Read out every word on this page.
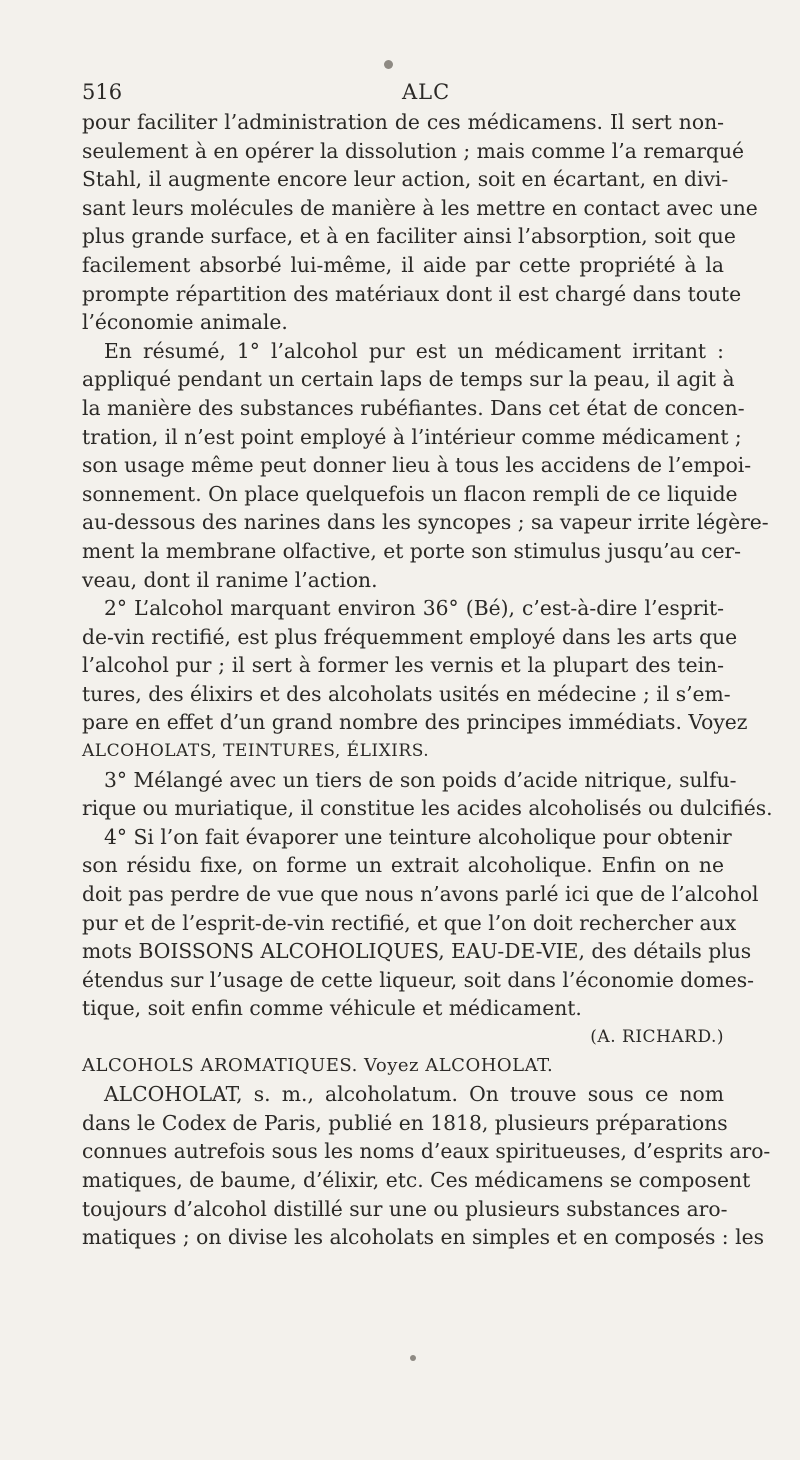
516	ALC
pour faciliter l’administration de ces médicamens. Il sert non-
seulement à en opérer la dissolution ; mais comme l’a remarqué
Stahl, il augmente encore leur action, soit en écartant, en divi-
sant leurs molécules de manière à les mettre en contact avec une
plus grande surface, et à en faciliter ainsi l’absorption, soit que
facilement absorbé lui-même, il aide par cette propriété à la
prompte répartition des matériaux dont il est chargé dans toute
l’économie animale.
En résumé, 1° l’alcohol pur est un médicament irritant :
appliqué pendant un certain laps de temps sur la peau, il agit à
la manière des substances rubéfiantes. Dans cet état de concen-
tration, il n’est point employé à l’intérieur comme médicament ;
son usage même peut donner lieu à tous les accidens de l’empoi-
sonnement. On place quelquefois un flacon rempli de ce liquide
au-dessous des narines dans les syncopes ; sa vapeur irrite légère-
ment la membrane olfactive, et porte son stimulus jusqu’au cer-
veau, dont il ranime l’action.
2° L’alcohol marquant environ 36° (Bé), c’est-à-dire l’esprit-
de-vin rectifié, est plus fréquemment employé dans les arts que
l’alcohol pur ; il sert à former les vernis et la plupart des tein-
tures, des élixirs et des alcoholats usités en médecine ; il s’em-
pare en effet d’un grand nombre des principes immédiats. Voyez
ALCOHOLATS, TEINTURES, ÉLIXIRS.
3° Mélangé avec un tiers de son poids d’acide nitrique, sulfu-
rique ou muriatique, il constitue les acides alcoholisés ou dulcifiés.
4° Si l’on fait évaporer une teinture alcoholique pour obtenir
son résidu fixe, on forme un extrait alcoholique. Enfin on ne
doit pas perdre de vue que nous n’avons parlé ici que de l’alcohol
pur et de l’esprit-de-vin rectifié, et que l’on doit rechercher aux
mots BOISSONS ALCOHOLIQUES, EAU-DE-VIE, des détails plus
étendus sur l’usage de cette liqueur, soit dans l’économie domes-
tique, soit enfin comme véhicule et médicament.
(A. RICHARD.)
ALCOHOLS AROMATIQUES. Voyez ALCOHOLAT.
ALCOHOLAT, s. m., alcoholatum. On trouve sous ce nom
dans le Codex de Paris, publié en 1818, plusieurs préparations
connues autrefois sous les noms d’eaux spiritueuses, d’esprits aro-
matiques, de baume, d’élixir, etc. Ces médicamens se composent
toujours d’alcohol distillé sur une ou plusieurs substances aro-
matiques ; on divise les alcoholats en simples et en composés : les
